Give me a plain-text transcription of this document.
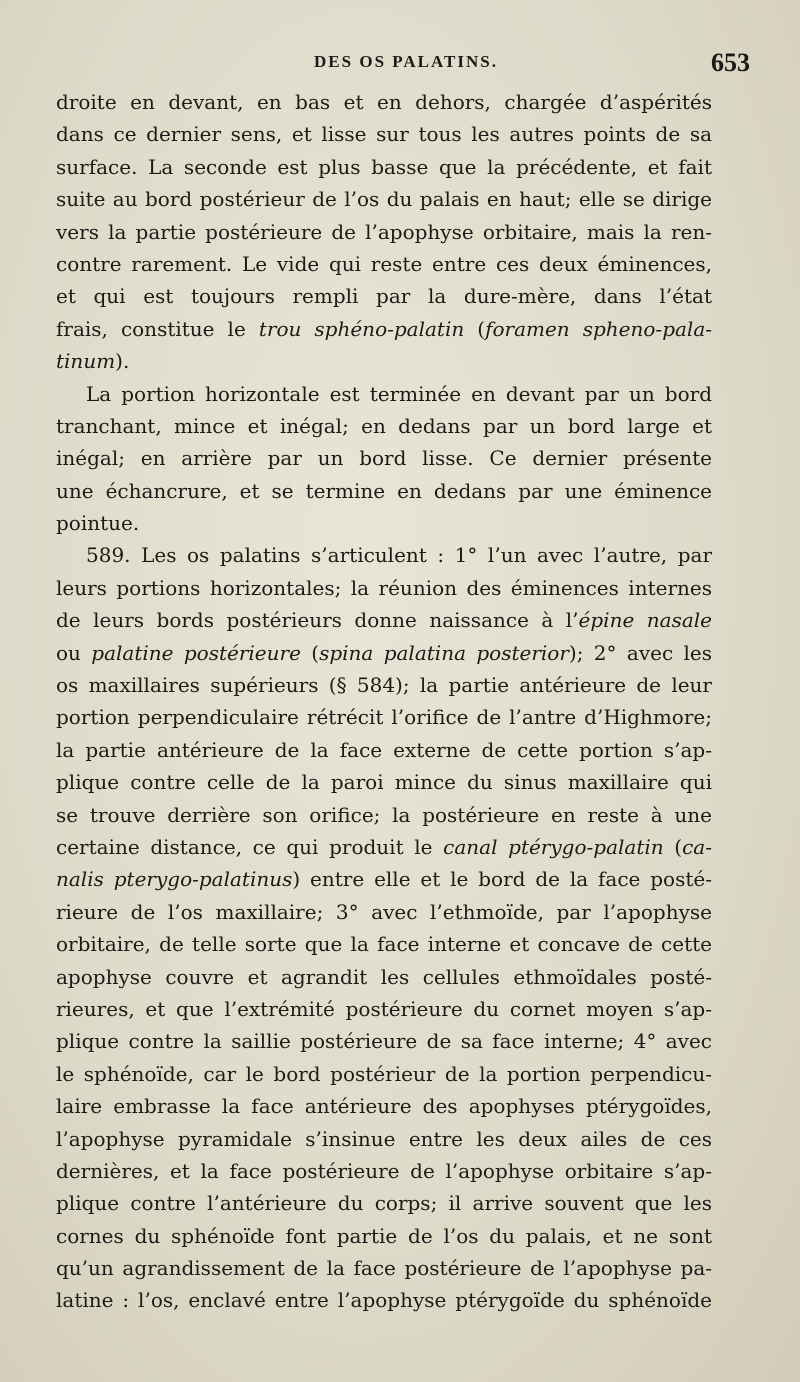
DES OS PALATINS.	653
droite en devant, en bas et en dehors, chargée d’aspérités
dans ce dernier sens, et lisse sur tous les autres points de sa
surface. La seconde est plus basse que la précédente, et fait
suite au bord postérieur de l’os du palais en haut; elle se dirige
vers la partie postérieure de l’apophyse orbitaire, mais la ren-
contre rarement. Le vide qui reste entre ces deux éminences,
et qui est toujours rempli par la dure-mère, dans l’état
frais, constitue le trou sphéno-palatin (foramen spheno-pala-
tinum).
La portion horizontale est terminée en devant par un bord
tranchant, mince et inégal; en dedans par un bord large et
inégal; en arrière par un bord lisse. Ce dernier présente
une échancrure, et se termine en dedans par une éminence
pointue.
589. Les os palatins s’articulent : 1° l’un avec l’autre, par
leurs portions horizontales; la réunion des éminences internes
de leurs bords postérieurs donne naissance à l’épine nasale
ou palatine postérieure (spina palatina posterior); 2° avec les
os maxillaires supérieurs (§ 584); la partie antérieure de leur
portion perpendiculaire rétrécit l’orifice de l’antre d’Highmore;
la partie antérieure de la face externe de cette portion s’ap-
plique contre celle de la paroi mince du sinus maxillaire qui
se trouve derrière son orifice; la postérieure en reste à une
certaine distance, ce qui produit le canal ptérygo-palatin (ca-
nalis pterygo-palatinus) entre elle et le bord de la face posté-
rieure de l’os maxillaire; 3° avec l’ethmoïde, par l’apophyse
orbitaire, de telle sorte que la face interne et concave de cette
apophyse couvre et agrandit les cellules ethmoïdales posté-
rieures, et que l’extrémité postérieure du cornet moyen s’ap-
plique contre la saillie postérieure de sa face interne; 4° avec
le sphénoïde, car le bord postérieur de la portion perpendicu-
laire embrasse la face antérieure des apophyses ptérygoïdes,
l’apophyse pyramidale s’insinue entre les deux ailes de ces
dernières, et la face postérieure de l’apophyse orbitaire s’ap-
plique contre l’antérieure du corps; il arrive souvent que les
cornes du sphénoïde font partie de l’os du palais, et ne sont
qu’un agrandissement de la face postérieure de l’apophyse pa-
latine : l’os, enclavé entre l’apophyse ptérygoïde du sphénoïde
